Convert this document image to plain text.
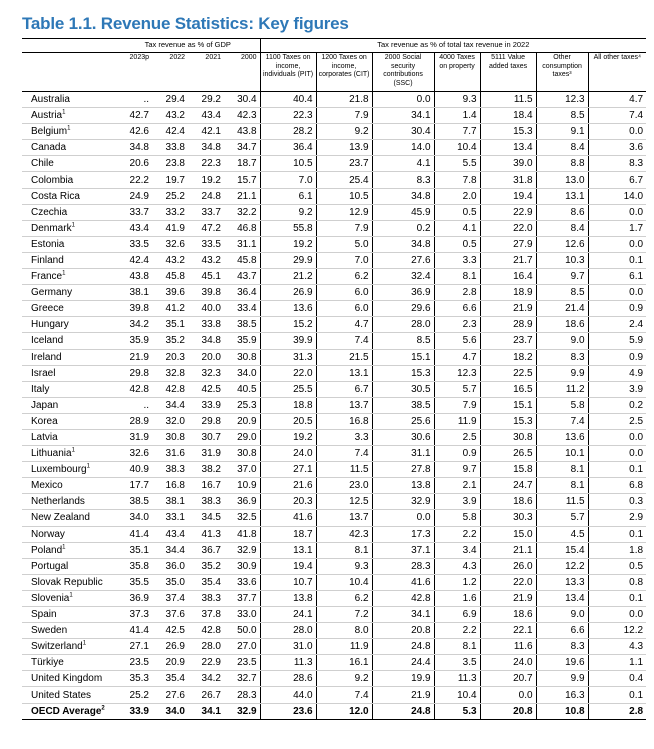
Table 1.1. Revenue Statistics: Key figures
	Tax revenue as % of GDP				Tax revenue as % of total tax revenue in 2022						
	2023p	2022	2021	2000	1100 Taxes on income, individuals (PIT)	1200 Taxes on income, corporates (CIT)	2000 Social security contributions (SSC)	4000 Taxes on property	5111 Value added taxes	Other consumption taxes³	All other taxes⁴
Australia	..	29.4	29.2	30.4	40.4	21.8	0.0	9.3	11.5	12.3	4.7
Austria$^1$	42.7	43.2	43.4	42.3	22.3	7.9	34.1	1.4	18.4	8.5	7.4
Belgium$^1$	42.6	42.4	42.1	43.8	28.2	9.2	30.4	7.7	15.3	9.1	0.0
Canada	34.8	33.8	34.8	34.7	36.4	13.9	14.0	10.4	13.4	8.4	3.6
Chile	20.6	23.8	22.3	18.7	10.5	23.7	4.1	5.5	39.0	8.8	8.3
Colombia	22.2	19.7	19.2	15.7	7.0	25.4	8.3	7.8	31.8	13.0	6.7
Costa Rica	24.9	25.2	24.8	21.1	6.1	10.5	34.8	2.0	19.4	13.1	14.0
Czechia	33.7	33.2	33.7	32.2	9.2	12.9	45.9	0.5	22.9	8.6	0.0
Denmark$^1$	43.4	41.9	47.2	46.8	55.8	7.9	0.2	4.1	22.0	8.4	1.7
Estonia	33.5	32.6	33.5	31.1	19.2	5.0	34.8	0.5	27.9	12.6	0.0
Finland	42.4	43.2	43.2	45.8	29.9	7.0	27.6	3.3	21.7	10.3	0.1
France$^1$	43.8	45.8	45.1	43.7	21.2	6.2	32.4	8.1	16.4	9.7	6.1
Germany	38.1	39.6	39.8	36.4	26.9	6.0	36.9	2.8	18.9	8.5	0.0
Greece	39.8	41.2	40.0	33.4	13.6	6.0	29.6	6.6	21.9	21.4	0.9
Hungary	34.2	35.1	33.8	38.5	15.2	4.7	28.0	2.3	28.9	18.6	2.4
Iceland	35.9	35.2	34.8	35.9	39.9	7.4	8.5	5.6	23.7	9.0	5.9
Ireland	21.9	20.3	20.0	30.8	31.3	21.5	15.1	4.7	18.2	8.3	0.9
Israel	29.8	32.8	32.3	34.0	22.0	13.1	15.3	12.3	22.5	9.9	4.9
Italy	42.8	42.8	42.5	40.5	25.5	6.7	30.5	5.7	16.5	11.2	3.9
Japan	..	34.4	33.9	25.3	18.8	13.7	38.5	7.9	15.1	5.8	0.2
Korea	28.9	32.0	29.8	20.9	20.5	16.8	25.6	11.9	15.3	7.4	2.5
Latvia	31.9	30.8	30.7	29.0	19.2	3.3	30.6	2.5	30.8	13.6	0.0
Lithuania$^1$	32.6	31.6	31.9	30.8	24.0	7.4	31.1	0.9	26.5	10.1	0.0
Luxembourg$^1$	40.9	38.3	38.2	37.0	27.1	11.5	27.8	9.7	15.8	8.1	0.1
Mexico	17.7	16.8	16.7	10.9	21.6	23.0	13.8	2.1	24.7	8.1	6.8
Netherlands	38.5	38.1	38.3	36.9	20.3	12.5	32.9	3.9	18.6	11.5	0.3
New Zealand	34.0	33.1	34.5	32.5	41.6	13.7	0.0	5.8	30.3	5.7	2.9
Norway	41.4	43.4	41.3	41.8	18.7	42.3	17.3	2.2	15.0	4.5	0.1
Poland$^1$	35.1	34.4	36.7	32.9	13.1	8.1	37.1	3.4	21.1	15.4	1.8
Portugal	35.8	36.0	35.2	30.9	19.4	9.3	28.3	4.3	26.0	12.2	0.5
Slovak Republic	35.5	35.0	35.4	33.6	10.7	10.4	41.6	1.2	22.0	13.3	0.8
Slovenia$^1$	36.9	37.4	38.3	37.7	13.8	6.2	42.8	1.6	21.9	13.4	0.1
Spain	37.3	37.6	37.8	33.0	24.1	7.2	34.1	6.9	18.6	9.0	0.0
Sweden	41.4	42.5	42.8	50.0	28.0	8.0	20.8	2.2	22.1	6.6	12.2
Switzerland$^1$	27.1	26.9	28.0	27.0	31.0	11.9	24.8	8.1	11.6	8.3	4.3
Türkiye	23.5	20.9	22.9	23.5	11.3	16.1	24.4	3.5	24.0	19.6	1.1
United Kingdom	35.3	35.4	34.2	32.7	28.6	9.2	19.9	11.3	20.7	9.9	0.4
United States	25.2	27.6	26.7	28.3	44.0	7.4	21.9	10.4	0.0	16.3	0.1
OECD Average$^2$	33.9	34.0	34.1	32.9	23.6	12.0	24.8	5.3	20.8	10.8	2.8
